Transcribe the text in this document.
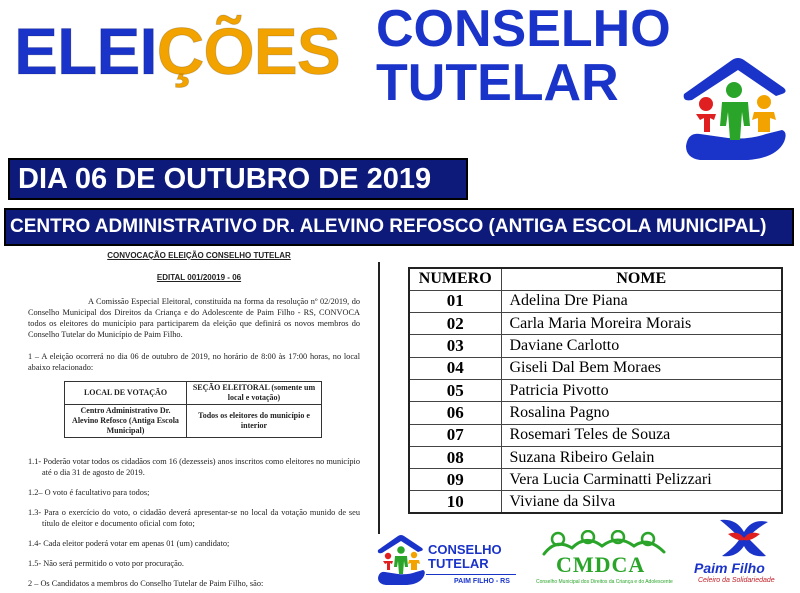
ELEIÇÕES CONSELHO
TUTELAR
DIA 06 DE OUTUBRO DE 2019
CENTRO ADMINISTRATIVO DR. ALEVINO REFOSCO (ANTIGA ESCOLA MUNICIPAL)
CONVOCAÇÃO ELEIÇÃO CONSELHO TUTELAR
EDITAL 001/20019 - 06

A Comissão Especial Eleitoral, constituída na forma da resolução nº 02/2019, do Conselho Municipal dos Direitos da Criança e do Adolescente de Paim Filho - RS, CONVOCA todos os eleitores do município para participarem da eleição que definirá os novos membros do Conselho Tutelar do Município de Paim Filho.

1 – A eleição ocorrerá no dia 06 de outubro de 2019, no horário de 8:00 às 17:00 horas, no local abaixo relacionado:

LOCAL DE VOTAÇÃO	SEÇÃO ELEITORAL (somente um local e votação)
Centro Administrativo Dr. Alevino Refosco (Antiga Escola Municipal)	Todos os eleitores do município e interior

1.1- Poderão votar todos os cidadãos com 16 (dezesseis) anos inscritos como eleitores no município até o dia 31 de agosto de 2019.

1.2– O voto é facultativo para todos;

1.3- Para o exercício do voto, o cidadão deverá apresentar-se no local da votação munido de seu título de eleitor e documento oficial com foto;

1.4- Cada eleitor poderá votar em apenas 01 (um) candidato;

1.5- Não será permitido o voto por procuração.

2 – Os Candidatos a membros do Conselho Tutelar de Paim Filho, são:

NUMERO	NOME
01	Adelina Dre Piana
02	Carla Maria Moreira Morais
03	Daviane Carlotto
04	Giseli Dal Bem Moraes
05	Patricia Pivotto
06	Rosalina Pagno
07	Rosemari Teles de Souza
08	Suzana Ribeiro Gelain
09	Vera Lucia Carminatti Pelizzari
10	Viviane da Silva
CONSELHO
TUTELAR
PAIM FILHO - RS
CMDCA
Conselho Municipal dos Direitos da Criança e do Adolescente
Paim Filho
Celeiro da Solidariedade
